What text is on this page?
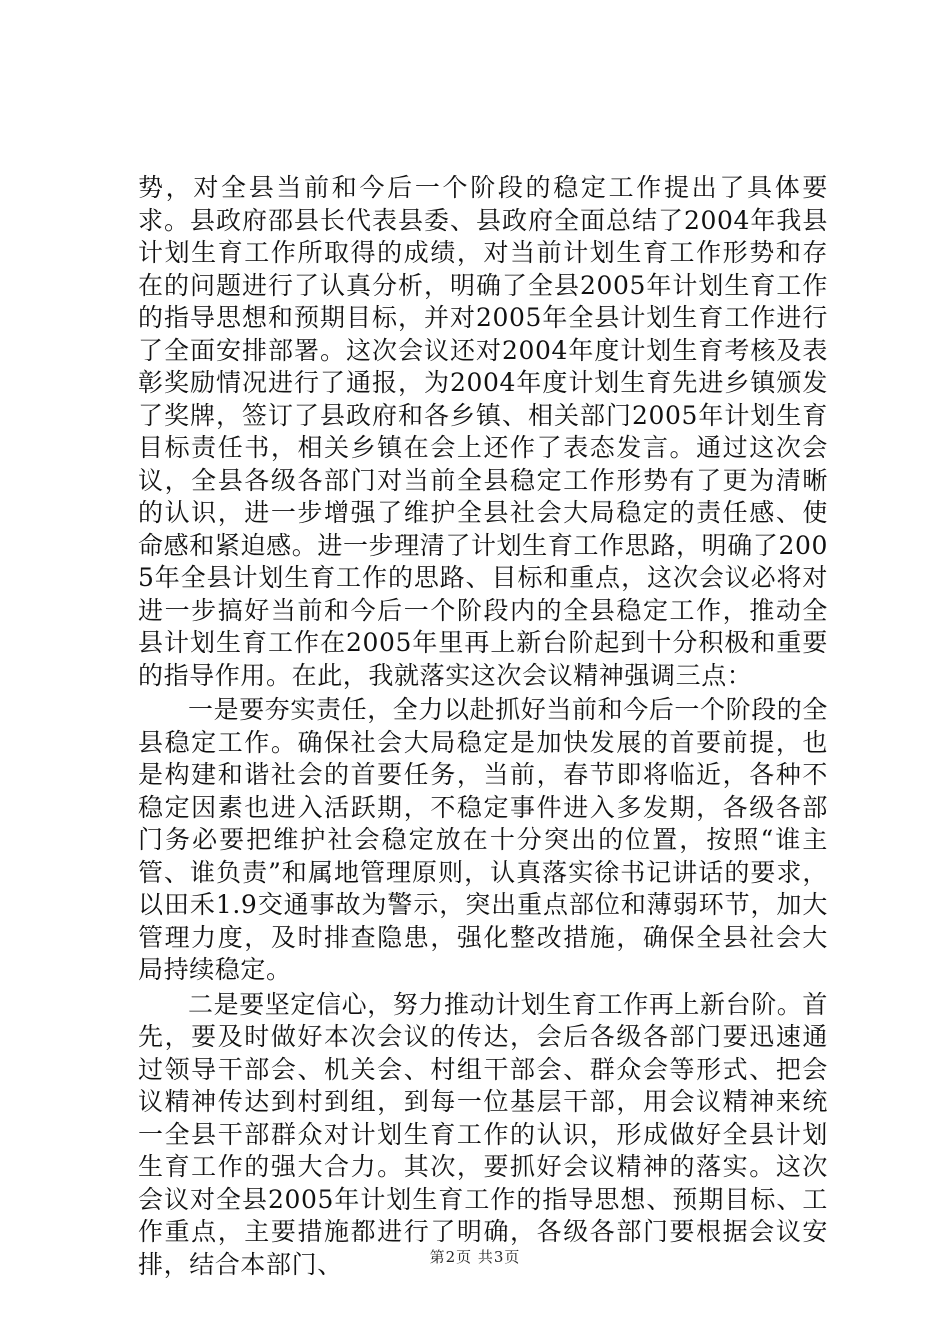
势，对全县当前和今后一个阶段的稳定工作提出了具体要求。县政府邵县长代表县委、县政府全面总结了2004年我县计划生育工作所取得的成绩，对当前计划生育工作形势和存在的问题进行了认真分析，明确了全县2005年计划生育工作的指导思想和预期目标，并对2005年全县计划生育工作进行了全面安排部署。这次会议还对2004年度计划生育考核及表彰奖励情况进行了通报，为2004年度计划生育先进乡镇颁发了奖牌，签订了县政府和各乡镇、相关部门2005年计划生育目标责任书，相关乡镇在会上还作了表态发言。通过这次会议，全县各级各部门对当前全县稳定工作形势有了更为清晰的认识，进一步增强了维护全县社会大局稳定的责任感、使命感和紧迫感。进一步理清了计划生育工作思路，明确了2005年全县计划生育工作的思路、目标和重点，这次会议必将对进一步搞好当前和今后一个阶段内的全县稳定工作，推动全县计划生育工作在2005年里再上新台阶起到十分积极和重要的指导作用。在此，我就落实这次会议精神强调三点：

一是要夯实责任，全力以赴抓好当前和今后一个阶段的全县稳定工作。确保社会大局稳定是加快发展的首要前提，也是构建和谐社会的首要任务，当前，春节即将临近，各种不稳定因素也进入活跃期，不稳定事件进入多发期，各级各部门务必要把维护社会稳定放在十分突出的位置，按照“谁主管、谁负责”和属地管理原则，认真落实徐书记讲话的要求，以田禾1.9交通事故为警示，突出重点部位和薄弱环节，加大管理力度，及时排查隐患，强化整改措施，确保全县社会大局持续稳定。

二是要坚定信心，努力推动计划生育工作再上新台阶。首先，要及时做好本次会议的传达，会后各级各部门要迅速通过领导干部会、机关会、村组干部会、群众会等形式、把会议精神传达到村到组，到每一位基层干部，用会议精神来统一全县干部群众对计划生育工作的认识，形成做好全县计划生育工作的强大合力。其次，要抓好会议精神的落实。这次会议对全县2005年计划生育工作的指导思想、预期目标、工作重点，主要措施都进行了明确，各级各部门要根据会议安排，结合本部门、	第2页 共3页
